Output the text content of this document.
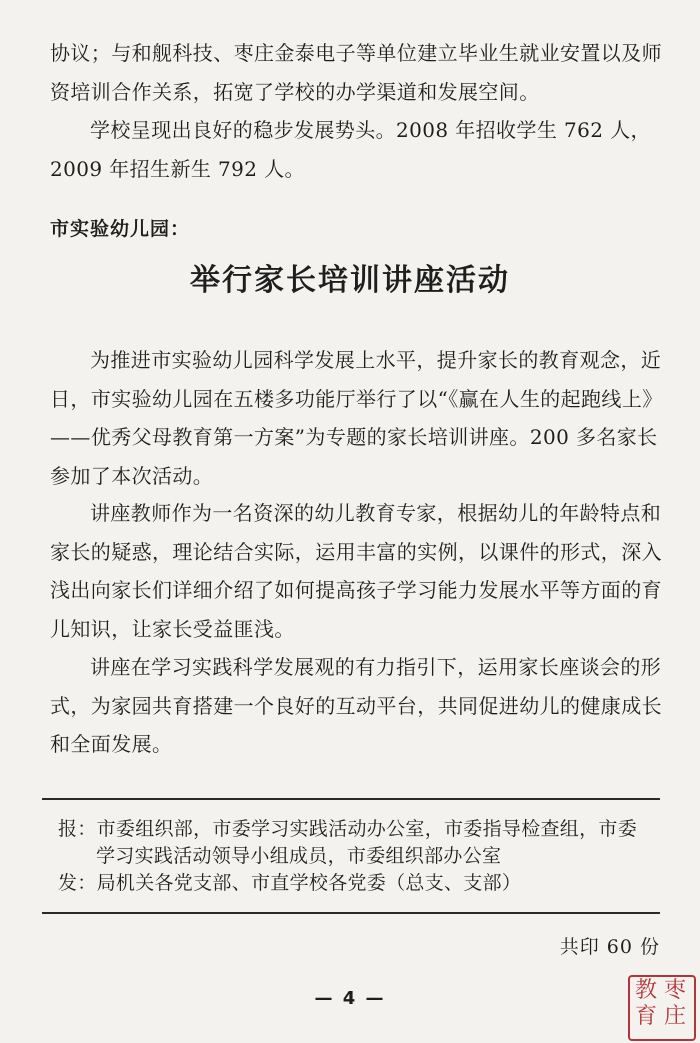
协议；与和舰科技、枣庄金泰电子等单位建立毕业生就业安置以及师资培训合作关系，拓宽了学校的办学渠道和发展空间。

学校呈现出良好的稳步发展势头。2008 年招收学生 762 人，2009 年招生新生 792 人。

市实验幼儿园：
举行家长培训讲座活动

为推进市实验幼儿园科学发展上水平，提升家长的教育观念，近日，市实验幼儿园在五楼多功能厅举行了以“《赢在人生的起跑线上》——优秀父母教育第一方案”为专题的家长培训讲座。200 多名家长参加了本次活动。

讲座教师作为一名资深的幼儿教育专家，根据幼儿的年龄特点和家长的疑惑，理论结合实际，运用丰富的实例，以课件的形式，深入浅出向家长们详细介绍了如何提高孩子学习能力发展水平等方面的育儿知识，让家长受益匪浅。

讲座在学习实践科学发展观的有力指引下，运用家长座谈会的形式，为家园共育搭建一个良好的互动平台，共同促进幼儿的健康成长和全面发展。

报：市委组织部，市委学习实践活动办公室，市委指导检查组，市委
学习实践活动领导小组成员，市委组织部办公室
发：局机关各党支部、市直学校各党委（总支、支部）
共印 60 份
— 4 —	枣
庄
教
育
